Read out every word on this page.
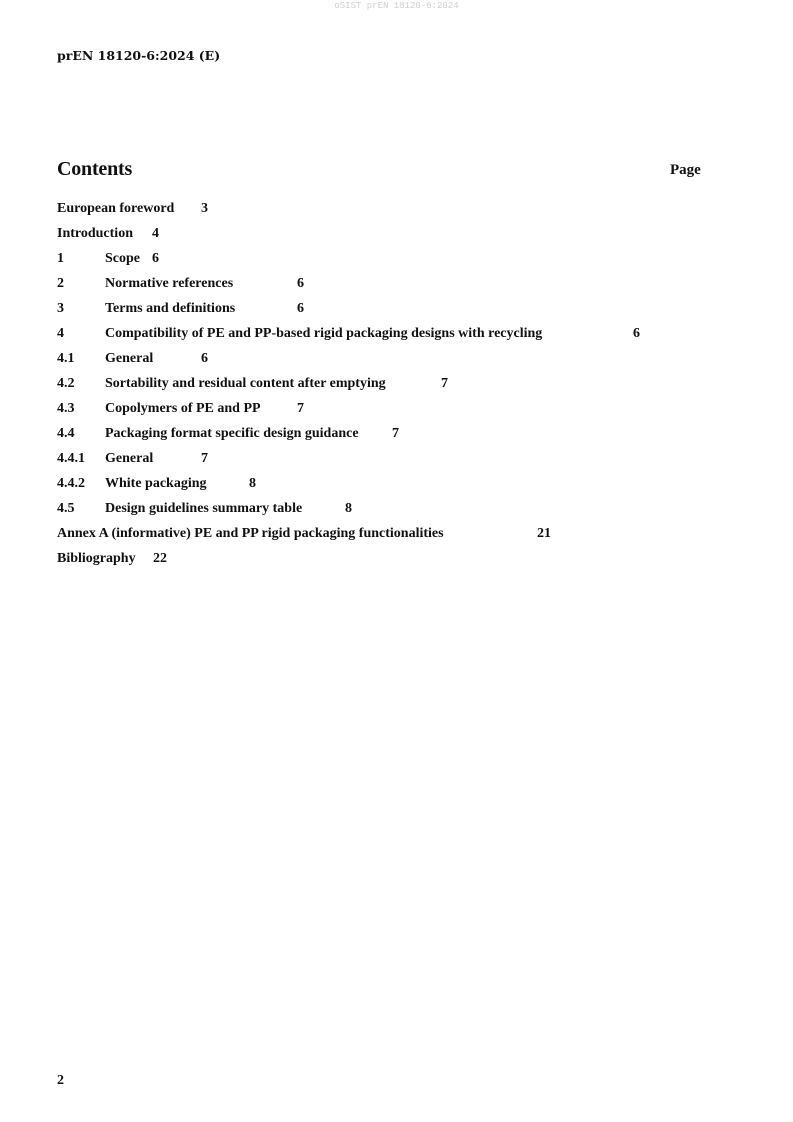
oSIST prEN 18120-6:2024
prEN 18120-6:2024 (E)
Contents	Page
European foreword 3
Introduction 4
1	Scope 6
2	Normative references	6
3	Terms and definitions	6
4	Compatibility of PE and PP-based rigid packaging designs with recycling	6
4.1 General	6
4.2 Sortability and residual content after emptying	7
4.3 Copolymers of PE and PP	7
4.4 Packaging format specific design guidance 7
4.4.1 General	7
4.4.2 White packaging	8
4.5 Design guidelines summary table	8
Annex A (informative) PE and PP rigid packaging functionalities	21
Bibliography 22
2
